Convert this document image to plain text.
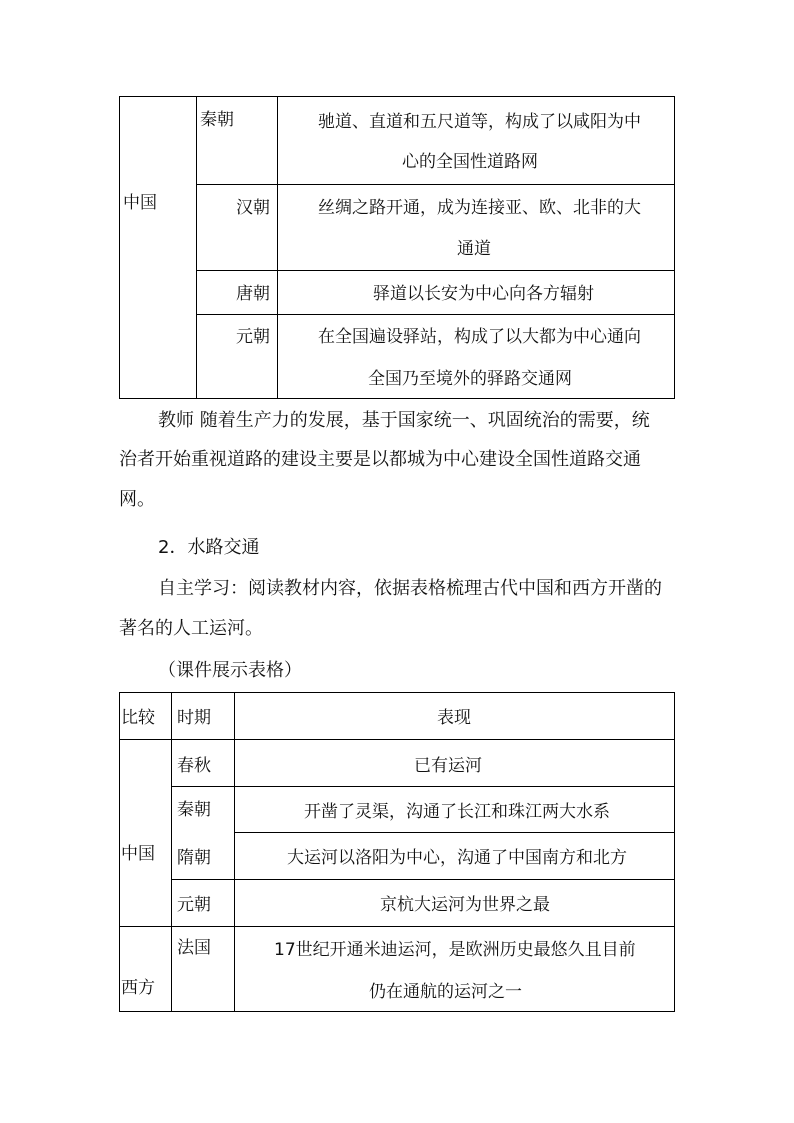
中国
秦朝
汉朝
唐朝
元朝
驰道、直道和五尺道等，构成了以咸阳为中
心的全国性道路网
丝绸之路开通，成为连接亚、欧、北非的大
通道
驿道以长安为中心向各方辐射
在全国遍设驿站，构成了以大都为中心通向
全国乃至境外的驿路交通网
教师 随着生产力的发展，基于国家统一、巩固统治的需要，统
治者开始重视道路的建设主要是以都城为中心建设全国性道路交通
网。
2．水路交通
自主学习：阅读教材内容，依据表格梳理古代中国和西方开凿的
著名的人工运河。
（课件展示表格）
比较 时期	表现
中国
西方
春秋
秦朝
隋朝
元朝
法国
已有运河
开凿了灵渠，沟通了长江和珠江两大水系
大运河以洛阳为中心，沟通了中国南方和北方
京杭大运河为世界之最
17世纪开通米迪运河，是欧洲历史最悠久且目前
仍在通航的运河之一
